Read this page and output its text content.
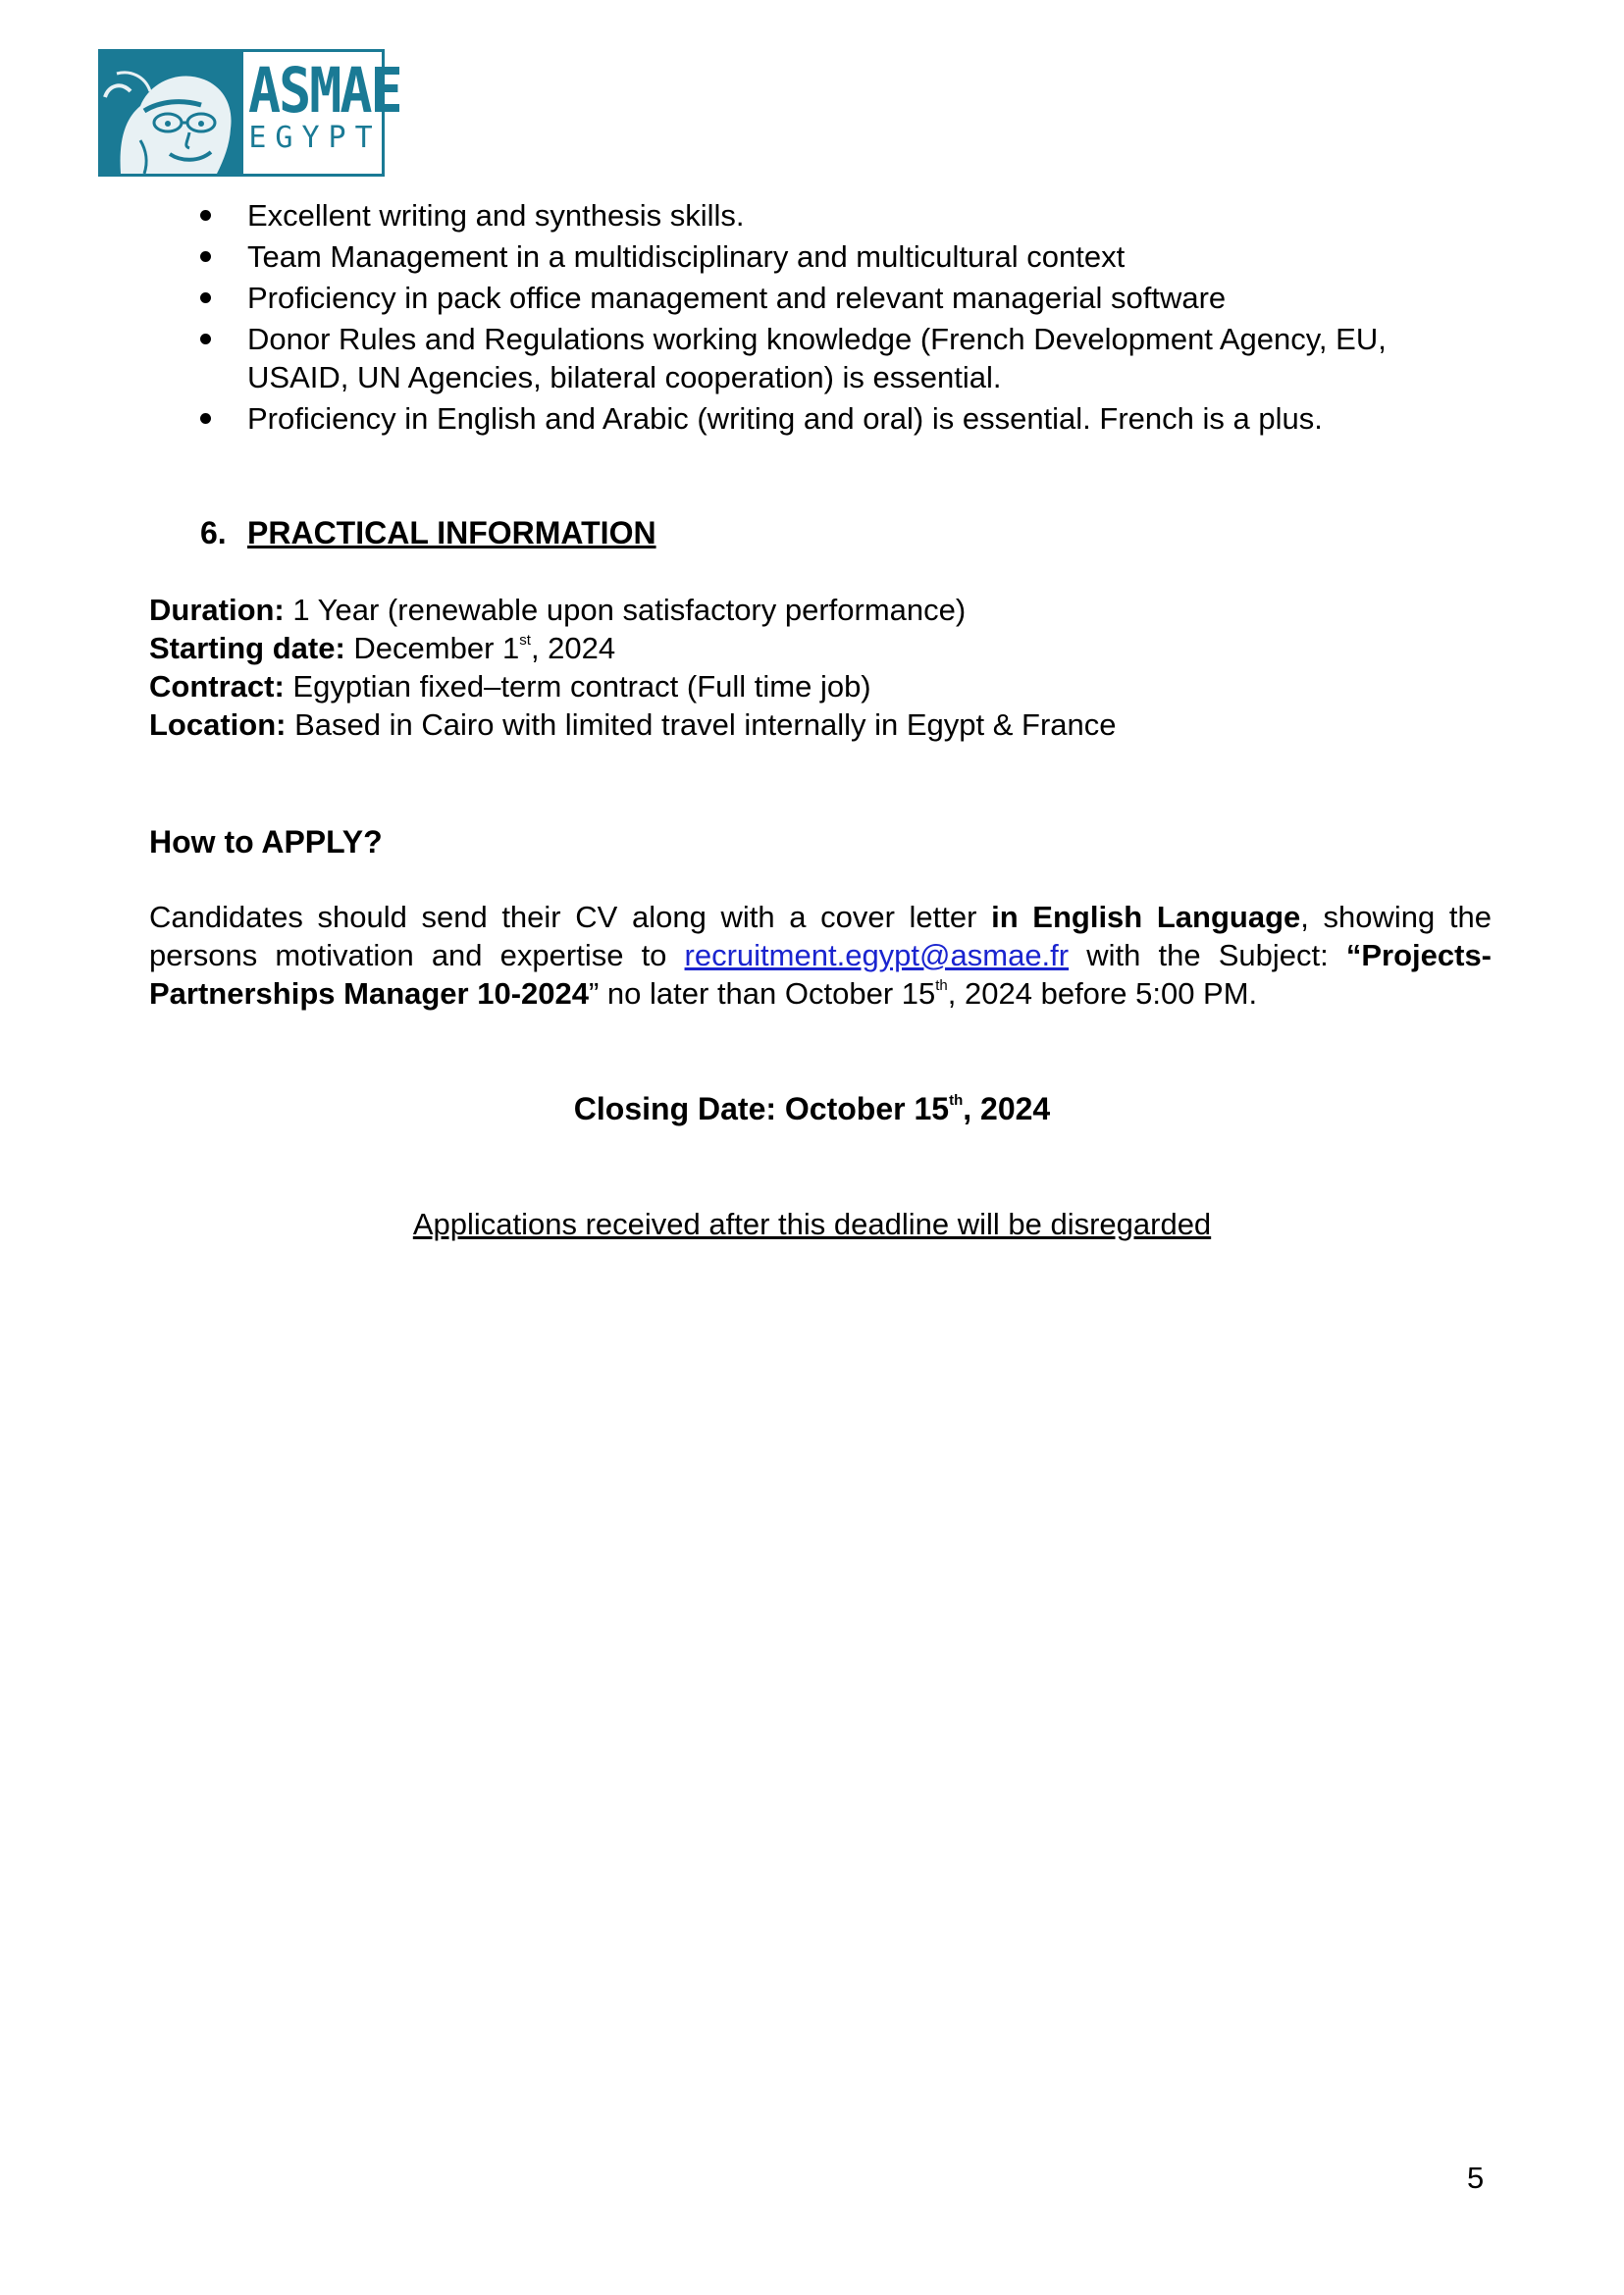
ASMAE
EGYPT
Excellent writing and synthesis skills.
Team Management in a multidisciplinary and multicultural context
Proficiency in pack office management and relevant managerial software
Donor Rules and Regulations working knowledge (French Development Agency, EU, USAID, UN Agencies, bilateral cooperation) is essential.
Proficiency in English and Arabic (writing and oral) is essential. French is a plus.
6. PRACTICAL INFORMATION
Duration: 1 Year (renewable upon satisfactory performance)
Starting date: December 1st, 2024
Contract: Egyptian fixed–term contract (Full time job)
Location: Based in Cairo with limited travel internally in Egypt & France
How to APPLY?

Candidates should send their CV along with a cover letter in English Language, showing the persons motivation and expertise to recruitment.egypt@asmae.fr with the Subject: “Projects-Partnerships Manager 10-2024” no later than October 15th, 2024 before 5:00 PM.

Closing Date: October 15th, 2024
Applications received after this deadline will be disregarded
5
